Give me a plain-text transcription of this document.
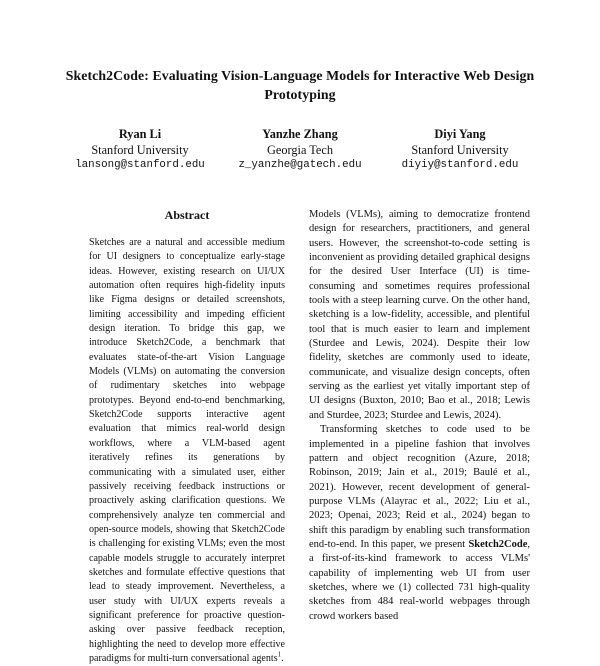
Sketch2Code: Evaluating Vision-Language Models for Interactive Web Design Prototyping
Ryan Li
Stanford University
lansong@stanford.edu
Yanzhe Zhang
Georgia Tech
z_yanzhe@gatech.edu
Diyi Yang
Stanford University
diyiy@stanford.edu
Abstract

Sketches are a natural and accessible medium for UI designers to conceptualize early-stage ideas. However, existing research on UI/UX automation often requires high-fidelity inputs like Figma designs or detailed screenshots, limiting accessibility and impeding efficient design iteration. To bridge this gap, we introduce Sketch2Code, a benchmark that evaluates state-of-the-art Vision Language Models (VLMs) on automating the conversion of rudimentary sketches into webpage prototypes. Beyond end-to-end benchmarking, Sketch2Code supports interactive agent evaluation that mimics real-world design workflows, where a VLM-based agent iteratively refines its generations by communicating with a simulated user, either passively receiving feedback instructions or proactively asking clarification questions. We comprehensively analyze ten commercial and open-source models, showing that Sketch2Code is challenging for existing VLMs; even the most capable models struggle to accurately interpret sketches and formulate effective questions that lead to steady improvement. Nevertheless, a user study with UI/UX experts reveals a significant preference for proactive question-asking over passive feedback reception, highlighting the need to develop more effective paradigms for multi-turn conversational agents$^1$.

Models (VLMs), aiming to democratize frontend design for researchers, practitioners, and general users. However, the screenshot-to-code setting is inconvenient as providing detailed graphical designs for the desired User Interface (UI) is time-consuming and sometimes requires professional tools with a steep learning curve. On the other hand, sketching is a low-fidelity, accessible, and plentiful tool that is much easier to learn and implement (Sturdee and Lewis, 2024). Despite their low fidelity, sketches are commonly used to ideate, communicate, and visualize design concepts, often serving as the earliest yet vitally important step of UI designs (Buxton, 2010; Bao et al., 2018; Lewis and Sturdee, 2023; Sturdee and Lewis, 2024).

Transforming sketches to code used to be implemented in a pipeline fashion that involves pattern and object recognition (Azure, 2018; Robinson, 2019; Jain et al., 2019; Baulé et al., 2021). However, recent development of general-purpose VLMs (Alayrac et al., 2022; Liu et al., 2023; Openai, 2023; Reid et al., 2024) began to shift this paradigm by enabling such transformation end-to-end. In this paper, we present Sketch2Code, a first-of-its-kind framework to access VLMs' capability of implementing web UI from user sketches, where we (1) collected 731 high-quality sketches from 484 real-world webpages through crowd workers based
